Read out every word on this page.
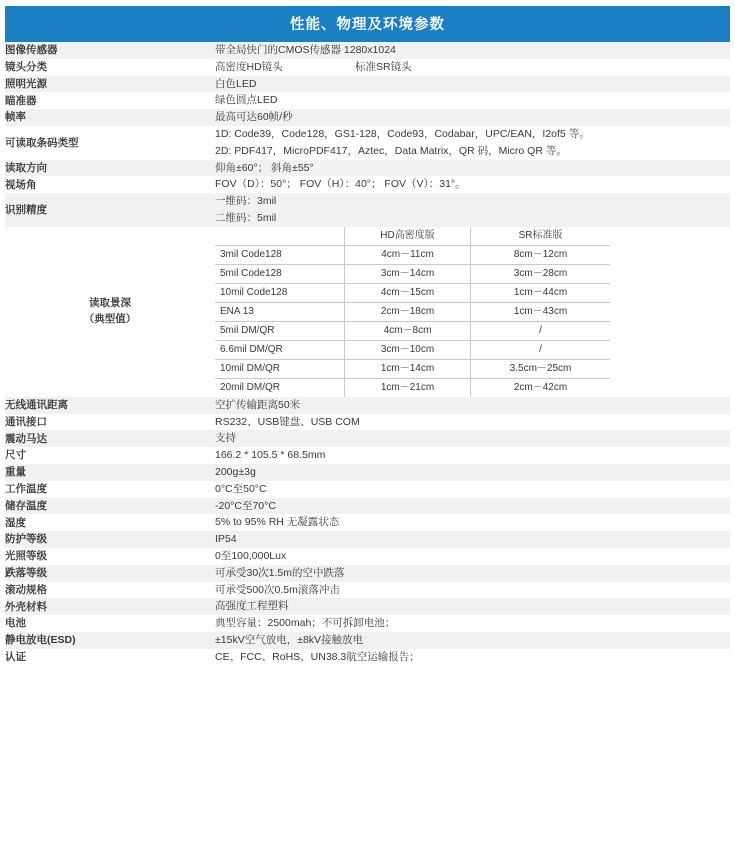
性能、物理及环境参数
图像传感器	带全局快门的CMOS传感器 1280x1024

镜头分类	高密度HD镜头	标准SR镜头

照明光源	白色LED

瞄准器	绿色圆点LED

帧率	最高可达60帧/秒

可读取条码类型	
1D: Code39，Code128，GS1-128，Code93，Codabar，UPC/EAN，I2of5 等。
2D: PDF417，MicroPDF417，Aztec，Data Matrix，QR 码，Micro QR 等。

读取方向	仰角±60°； 斜角±55°

视场角	FOV（D）：50°； FOV（H）：40°； FOV（V）：31°。

识别精度	
一维码：3mil
二维码：5mil

读取景深
（典型值）

	HD高密度版	SR标准版
3mil Code128	4cm－11cm	8cm－12cm
5mil Code128	3cm－14cm	3cm－28cm
10mil Code128	4cm－15cm	1cm－44cm
ENA 13	2cm－18cm	1cm－43cm
5mil DM/QR	4cm－8cm	/
6.6mil DM/QR	3cm－10cm	/
10mil DM/QR	1cm－14cm	3.5cm－25cm
20mil DM/QR	1cm－21cm	2cm－42cm

无线通讯距离	空扩传输距离50米

通讯接口	RS232、USB键盘、USB COM

震动马达	支持

尺寸	166.2 * 105.5 * 68.5mm

重量	200g±3g

工作温度	0°C至50°C

储存温度	-20°C至70°C

湿度	5% to 95% RH 无凝露状态

防护等级	IP54

光照等级	0至100,000Lux

跌落等级	可承受30次1.5m的空中跌落

滚动规格	可承受500次0.5m滚落冲击

外壳材料	高强度工程塑料

电池	典型容量：2500mah；不可拆卸电池；

静电放电(ESD)	±15kV空气放电，±8kV接触放电

认证	CE、FCC、RoHS、UN38.3航空运输报告；
